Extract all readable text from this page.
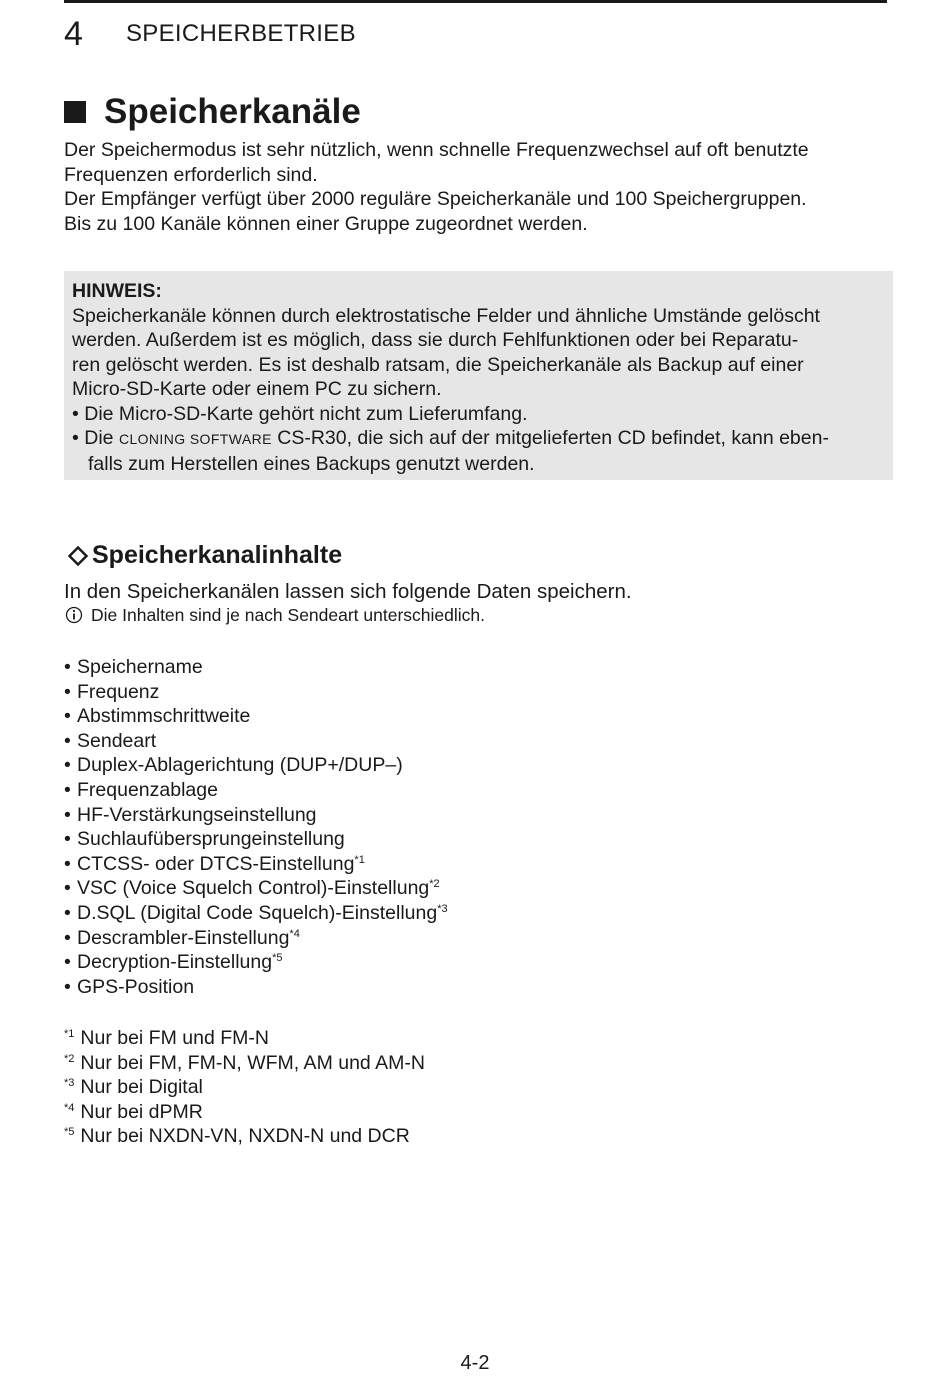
4	SPEICHERBETRIEB
Speicherkanäle
Der Speichermodus ist sehr nützlich, wenn schnelle Frequenzwechsel auf oft benutzte
Frequenzen erforderlich sind.
Der Empfänger verfügt über 2000 reguläre Speicherkanäle und 100 Speichergruppen.
Bis zu 100 Kanäle können einer Gruppe zugeordnet werden.
HINWEIS:
Speicherkanäle können durch elektrostatische Felder und ähnliche Umstände gelöscht
werden. Außerdem ist es möglich, dass sie durch Fehlfunktionen oder bei Reparatu-
ren gelöscht werden. Es ist deshalb ratsam, die Speicherkanäle als Backup auf einer
Micro-SD-Karte oder einem PC zu sichern.
• Die Micro-SD-Karte gehört nicht zum Lieferumfang.
• Die CLONING SOFTWARE CS-R30, die sich auf der mitgelieferten CD befindet, kann eben-
falls zum Herstellen eines Backups genutzt werden.
Speicherkanalinhalte
In den Speicherkanälen lassen sich folgende Daten speichern.
Die Inhalten sind je nach Sendeart unterschiedlich.
• Speichername
• Frequenz
• Abstimmschrittweite
• Sendeart
• Duplex-Ablagerichtung (DUP+/DUP–)
• Frequenzablage
• HF-Verstärkungseinstellung
• Suchlaufübersprungeinstellung
• CTCSS- oder DTCS-Einstellung$^{*1}$
• VSC (Voice Squelch Control)-Einstellung$^{*2}$
• D.SQL (Digital Code Squelch)-Einstellung$^{*3}$
• Descrambler-Einstellung$^{*4}$
• Decryption-Einstellung$^{*5}$
• GPS-Position
$^{*1}$ Nur bei FM und FM-N
$^{*2}$ Nur bei FM, FM-N, WFM, AM und AM-N
$^{*3}$ Nur bei Digital
$^{*4}$ Nur bei dPMR
$^{*5}$ Nur bei NXDN-VN, NXDN-N und DCR
4-2
